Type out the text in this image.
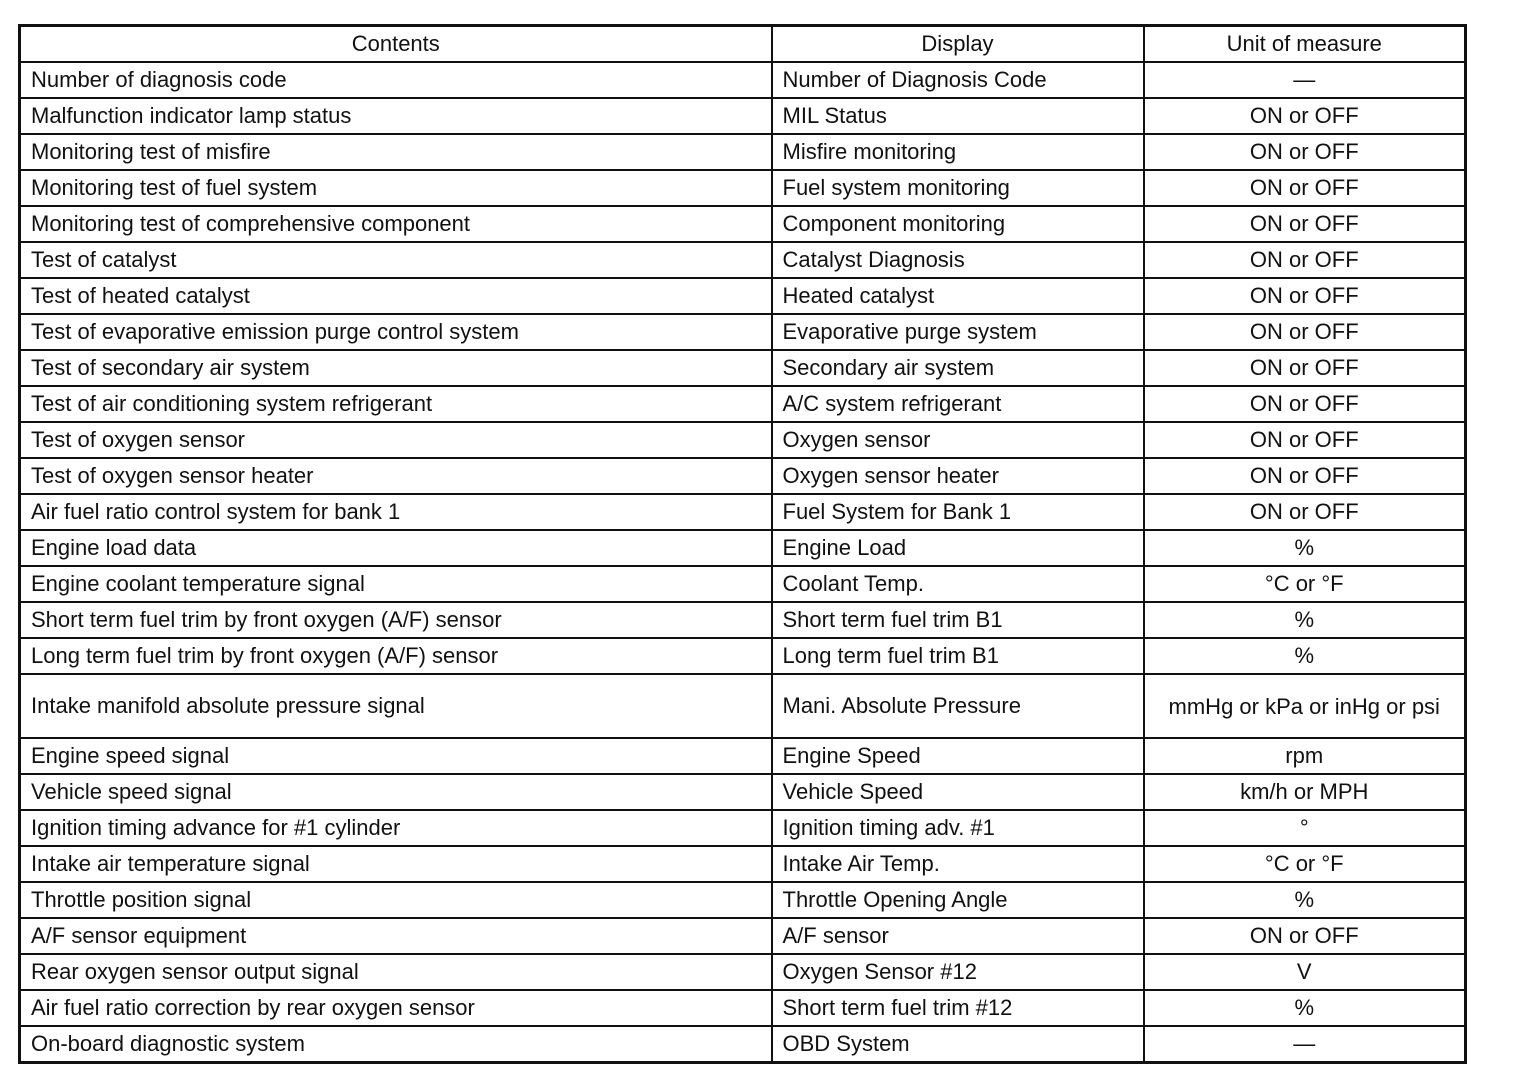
Contents	Display	Unit of measure
Number of diagnosis code	Number of Diagnosis Code	—
Malfunction indicator lamp status	MIL Status	ON or OFF
Monitoring test of misfire	Misfire monitoring	ON or OFF
Monitoring test of fuel system	Fuel system monitoring	ON or OFF
Monitoring test of comprehensive component	Component monitoring	ON or OFF
Test of catalyst	Catalyst Diagnosis	ON or OFF
Test of heated catalyst	Heated catalyst	ON or OFF
Test of evaporative emission purge control system	Evaporative purge system	ON or OFF
Test of secondary air system	Secondary air system	ON or OFF
Test of air conditioning system refrigerant	A/C system refrigerant	ON or OFF
Test of oxygen sensor	Oxygen sensor	ON or OFF
Test of oxygen sensor heater	Oxygen sensor heater	ON or OFF
Air fuel ratio control system for bank 1	Fuel System for Bank 1	ON or OFF
Engine load data	Engine Load	%
Engine coolant temperature signal	Coolant Temp.	°C or °F
Short term fuel trim by front oxygen (A/F) sensor	Short term fuel trim B1	%
Long term fuel trim by front oxygen (A/F) sensor	Long term fuel trim B1	%
Intake manifold absolute pressure signal	Mani. Absolute Pressure	mmHg or kPa or inHg or psi
Engine speed signal	Engine Speed	rpm
Vehicle speed signal	Vehicle Speed	km/h or MPH
Ignition timing advance for #1 cylinder	Ignition timing adv. #1	°
Intake air temperature signal	Intake Air Temp.	°C or °F
Throttle position signal	Throttle Opening Angle	%
A/F sensor equipment	A/F sensor	ON or OFF
Rear oxygen sensor output signal	Oxygen Sensor #12	V
Air fuel ratio correction by rear oxygen sensor	Short term fuel trim #12	%
On-board diagnostic system	OBD System	—
